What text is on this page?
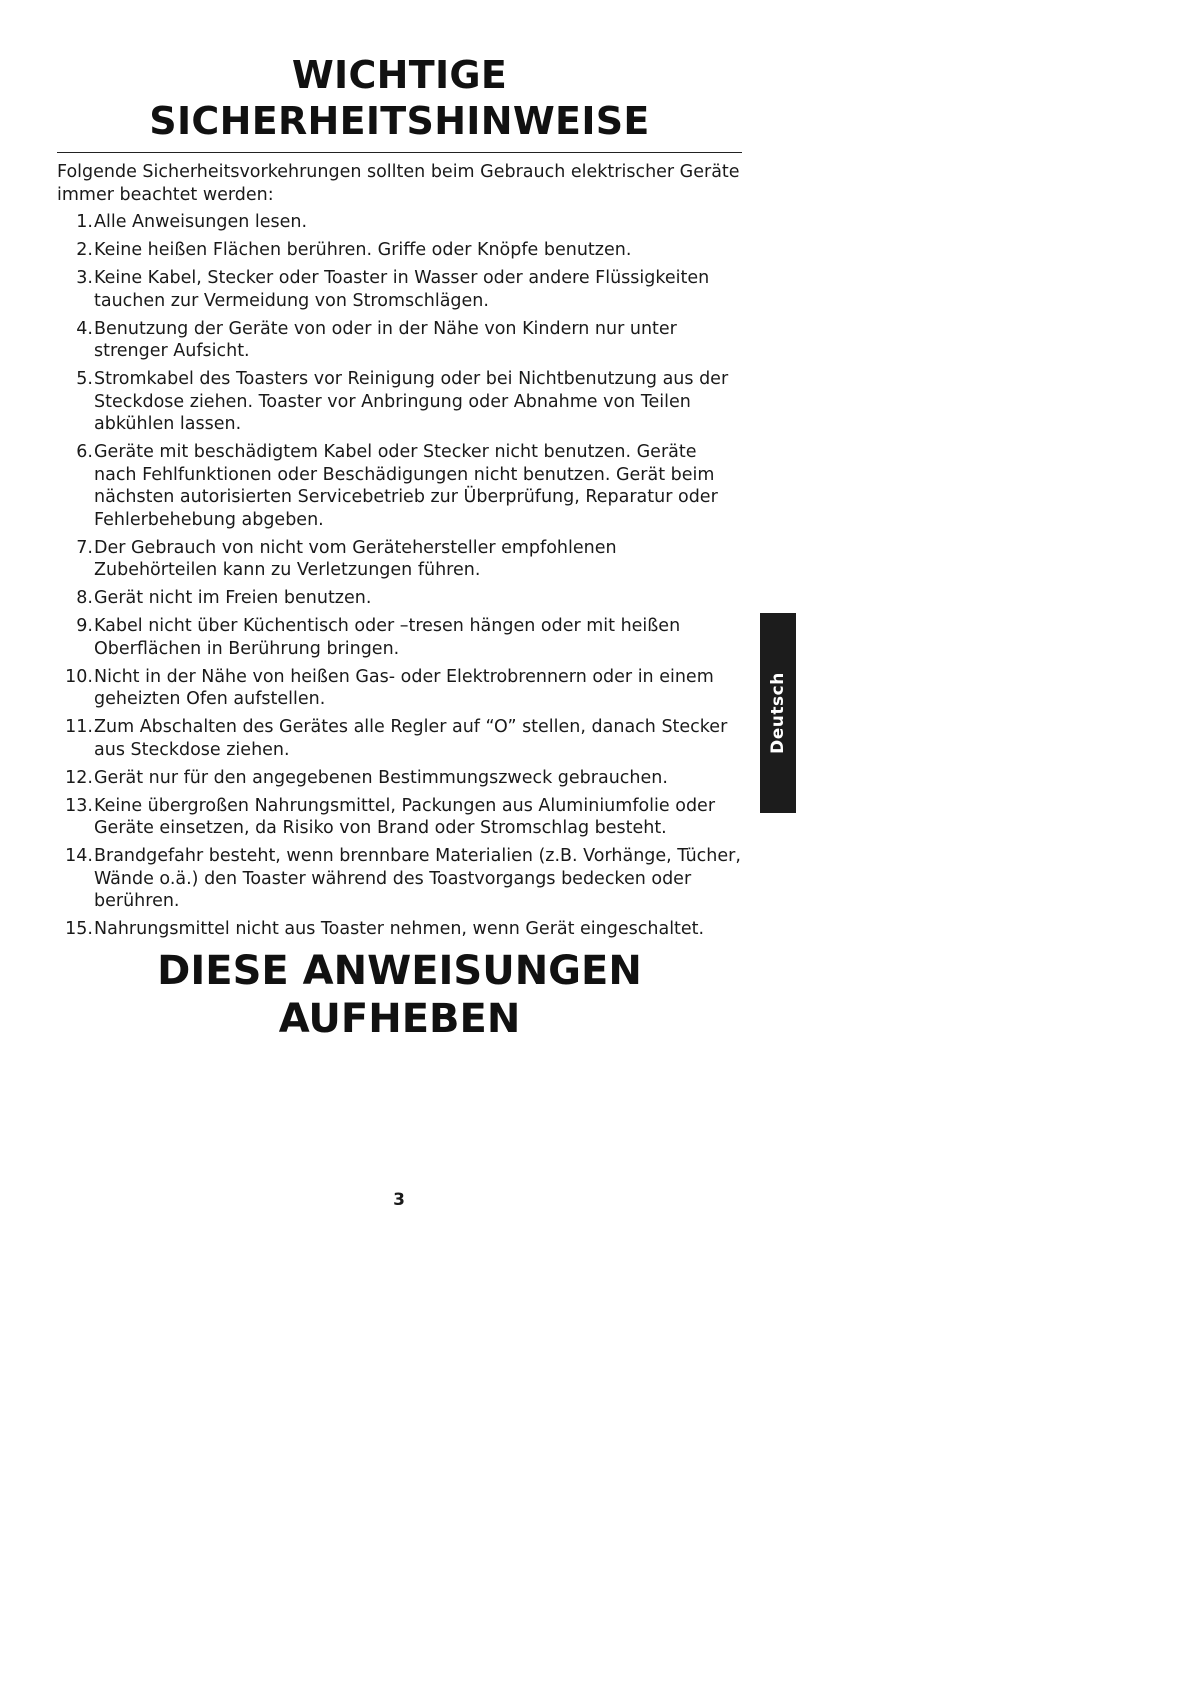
WICHTIGE
SICHERHEITSHINWEISE

Folgende Sicherheitsvorkehrungen sollten beim Gebrauch elektrischer Geräte immer beachtet werden:

1. Alle Anweisungen lesen.
2. Keine heißen Flächen berühren. Griffe oder Knöpfe benutzen.
3. Keine Kabel, Stecker oder Toaster in Wasser oder andere Flüssigkeiten tauchen zur Vermeidung von Stromschlägen.
4. Benutzung der Geräte von oder in der Nähe von Kindern nur unter strenger Aufsicht.
5. Stromkabel des Toasters vor Reinigung oder bei Nichtbenutzung aus der Steckdose ziehen. Toaster vor Anbringung oder Abnahme von Teilen abkühlen lassen.
6. Geräte mit beschädigtem Kabel oder Stecker nicht benutzen. Geräte nach Fehlfunktionen oder Beschädigungen nicht benutzen. Gerät beim nächsten autorisierten Servicebetrieb zur Überprüfung, Reparatur oder Fehlerbehebung abgeben.
7. Der Gebrauch von nicht vom Gerätehersteller empfohlenen Zubehörteilen kann zu Verletzungen führen.
8. Gerät nicht im Freien benutzen.
9. Kabel nicht über Küchentisch oder –tresen hängen oder mit heißen Oberflächen in Berührung bringen.
10. Nicht in der Nähe von heißen Gas- oder Elektrobrennern oder in einem geheizten Ofen aufstellen.
11. Zum Abschalten des Gerätes alle Regler auf “O” stellen, danach Stecker aus Steckdose ziehen.
12. Gerät nur für den angegebenen Bestimmungszweck gebrauchen.
13. Keine übergroßen Nahrungsmittel, Packungen aus Aluminiumfolie oder Geräte einsetzen, da Risiko von Brand oder Stromschlag besteht.
14. Brandgefahr besteht, wenn brennbare Materialien (z.B. Vorhänge, Tücher, Wände o.ä.) den Toaster während des Toastvorgangs bedecken oder berühren.
15. Nahrungsmittel nicht aus Toaster nehmen, wenn Gerät eingeschaltet.
DIESE ANWEISUNGEN
AUFHEBEN
Deutsch
3
